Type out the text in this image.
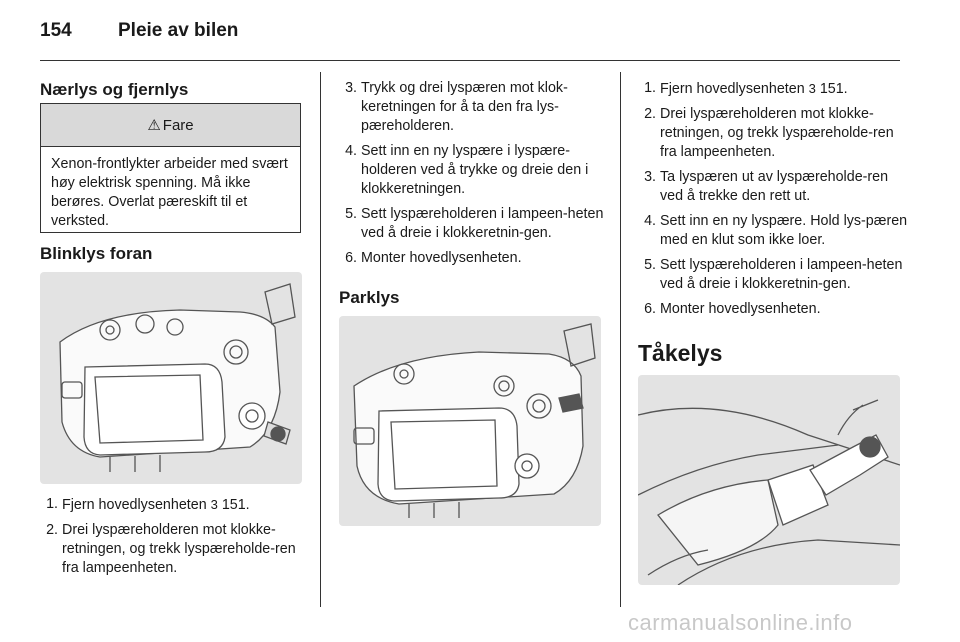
154 Pleie av bilen
Nærlys og fjernlys
⚠ Fare
Xenon-frontlykter arbeider med svært høy elektrisk spenning. Må ikke berøres. Overlat pæreskift til et verksted.
Blinklys foran
1. Fjern hovedlysenheten 3 151.
2. Drei lyspæreholderen mot klokke-retningen, og trekk lyspæreholde-ren fra lampeenheten.
3. Trykk og drei lyspæren mot klok-keretningen for å ta den fra lys-pæreholderen.
4. Sett inn en ny lyspære i lyspære-holderen ved å trykke og dreie den i klokkeretningen.
5. Sett lyspæreholderen i lampeen-heten ved å dreie i klokkeretnin-gen.
6. Monter hovedlysenheten.
Parklys
1. Fjern hovedlysenheten 3 151.
2. Drei lyspæreholderen mot klokke-retningen, og trekk lyspæreholde-ren fra lampeenheten.
3. Ta lyspæren ut av lyspæreholde-ren ved å trekke den rett ut.
4. Sett inn en ny lyspære. Hold lys-pæren med en klut som ikke loer.
5. Sett lyspæreholderen i lampeen-heten ved å dreie i klokkeretnin-gen.
6. Monter hovedlysenheten.
Tåkelys
carmanualsonline.info
